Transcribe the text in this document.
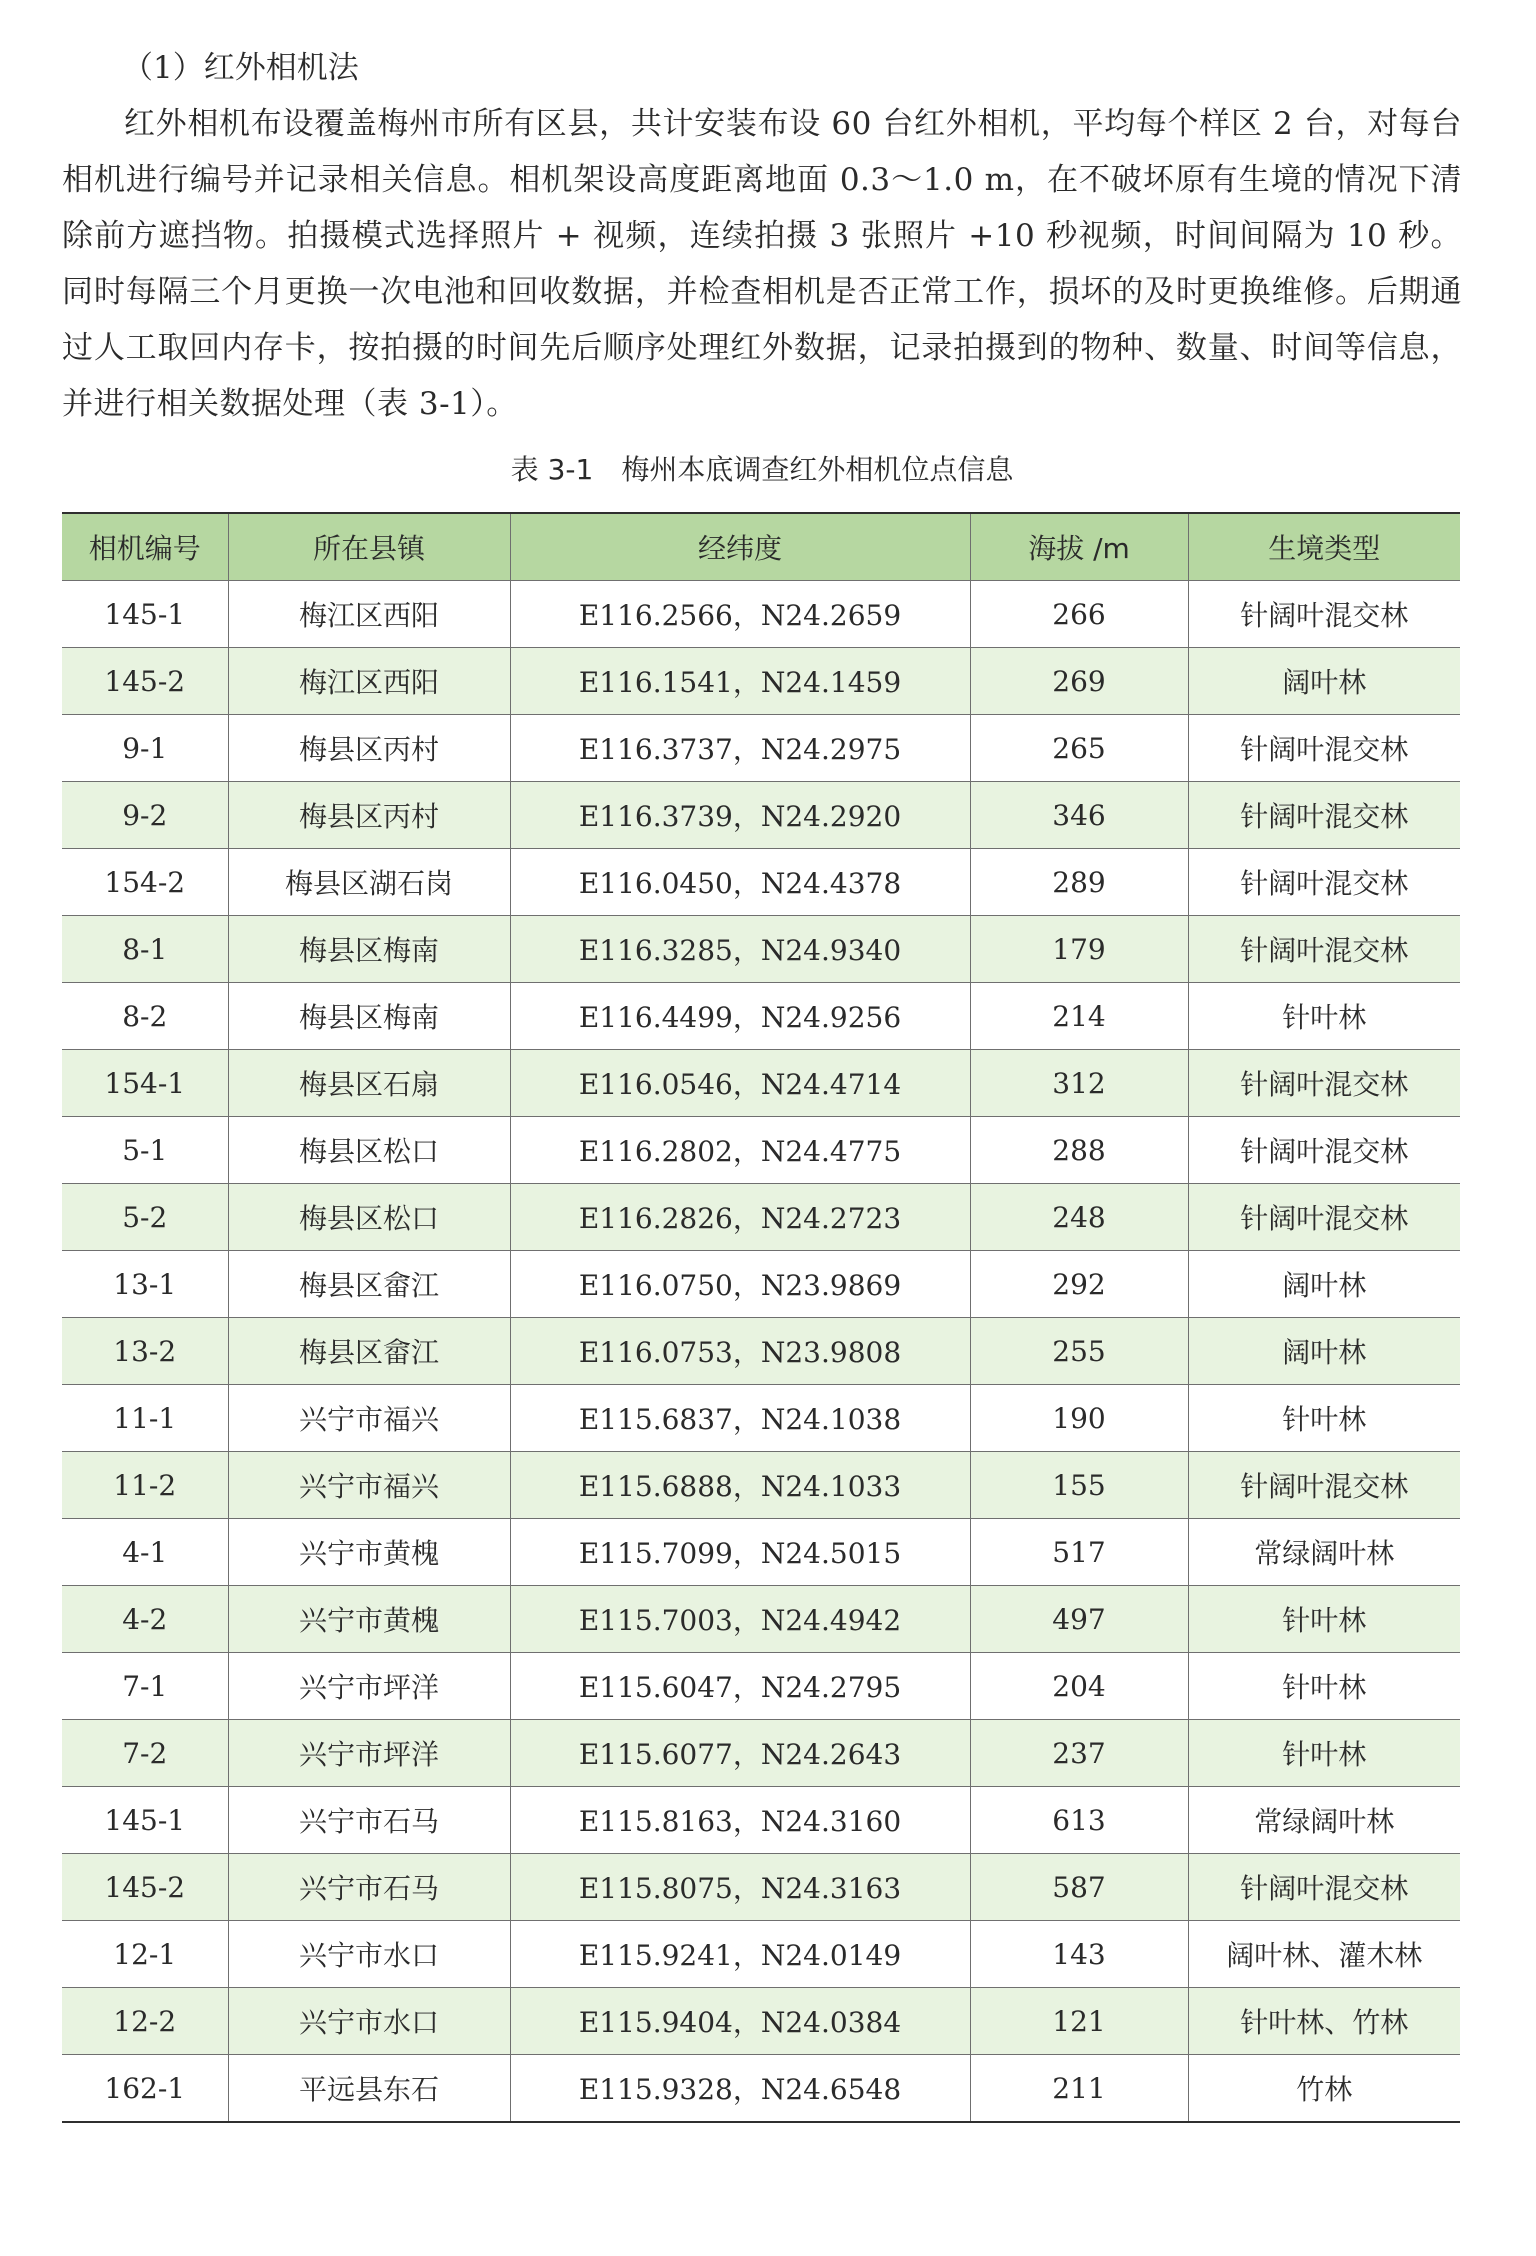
（1）红外相机法

红外相机布设覆盖梅州市所有区县，共计安装布设 60 台红外相机，平均每个样区 2 台，对每台相机进行编号并记录相关信息。相机架设高度距离地面 0.3～1.0 m，在不破坏原有生境的情况下清除前方遮挡物。拍摄模式选择照片 + 视频，连续拍摄 3 张照片 +10 秒视频，时间间隔为 10 秒。同时每隔三个月更换一次电池和回收数据，并检查相机是否正常工作，损坏的及时更换维修。后期通过人工取回内存卡，按拍摄的时间先后顺序处理红外数据，记录拍摄到的物种、数量、时间等信息，并进行相关数据处理（表 3-1）。

表 3-1 梅州本底调查红外相机位点信息
相机编号	所在县镇	经纬度	海拔 /m	生境类型
145-1	梅江区西阳	E116.2566，N24.2659	266	针阔叶混交林
145-2	梅江区西阳	E116.1541，N24.1459	269	阔叶林
9-1	梅县区丙村	E116.3737，N24.2975	265	针阔叶混交林
9-2	梅县区丙村	E116.3739，N24.2920	346	针阔叶混交林
154-2	梅县区湖石岗	E116.0450，N24.4378	289	针阔叶混交林
8-1	梅县区梅南	E116.3285，N24.9340	179	针阔叶混交林
8-2	梅县区梅南	E116.4499，N24.9256	214	针叶林
154-1	梅县区石扇	E116.0546，N24.4714	312	针阔叶混交林
5-1	梅县区松口	E116.2802，N24.4775	288	针阔叶混交林
5-2	梅县区松口	E116.2826，N24.2723	248	针阔叶混交林
13-1	梅县区畲江	E116.0750，N23.9869	292	阔叶林
13-2	梅县区畲江	E116.0753，N23.9808	255	阔叶林
11-1	兴宁市福兴	E115.6837，N24.1038	190	针叶林
11-2	兴宁市福兴	E115.6888，N24.1033	155	针阔叶混交林
4-1	兴宁市黄槐	E115.7099，N24.5015	517	常绿阔叶林
4-2	兴宁市黄槐	E115.7003，N24.4942	497	针叶林
7-1	兴宁市坪洋	E115.6047，N24.2795	204	针叶林
7-2	兴宁市坪洋	E115.6077，N24.2643	237	针叶林
145-1	兴宁市石马	E115.8163，N24.3160	613	常绿阔叶林
145-2	兴宁市石马	E115.8075，N24.3163	587	针阔叶混交林
12-1	兴宁市水口	E115.9241，N24.0149	143	阔叶林、灌木林
12-2	兴宁市水口	E115.9404，N24.0384	121	针叶林、竹林
162-1	平远县东石	E115.9328，N24.6548	211	竹林
